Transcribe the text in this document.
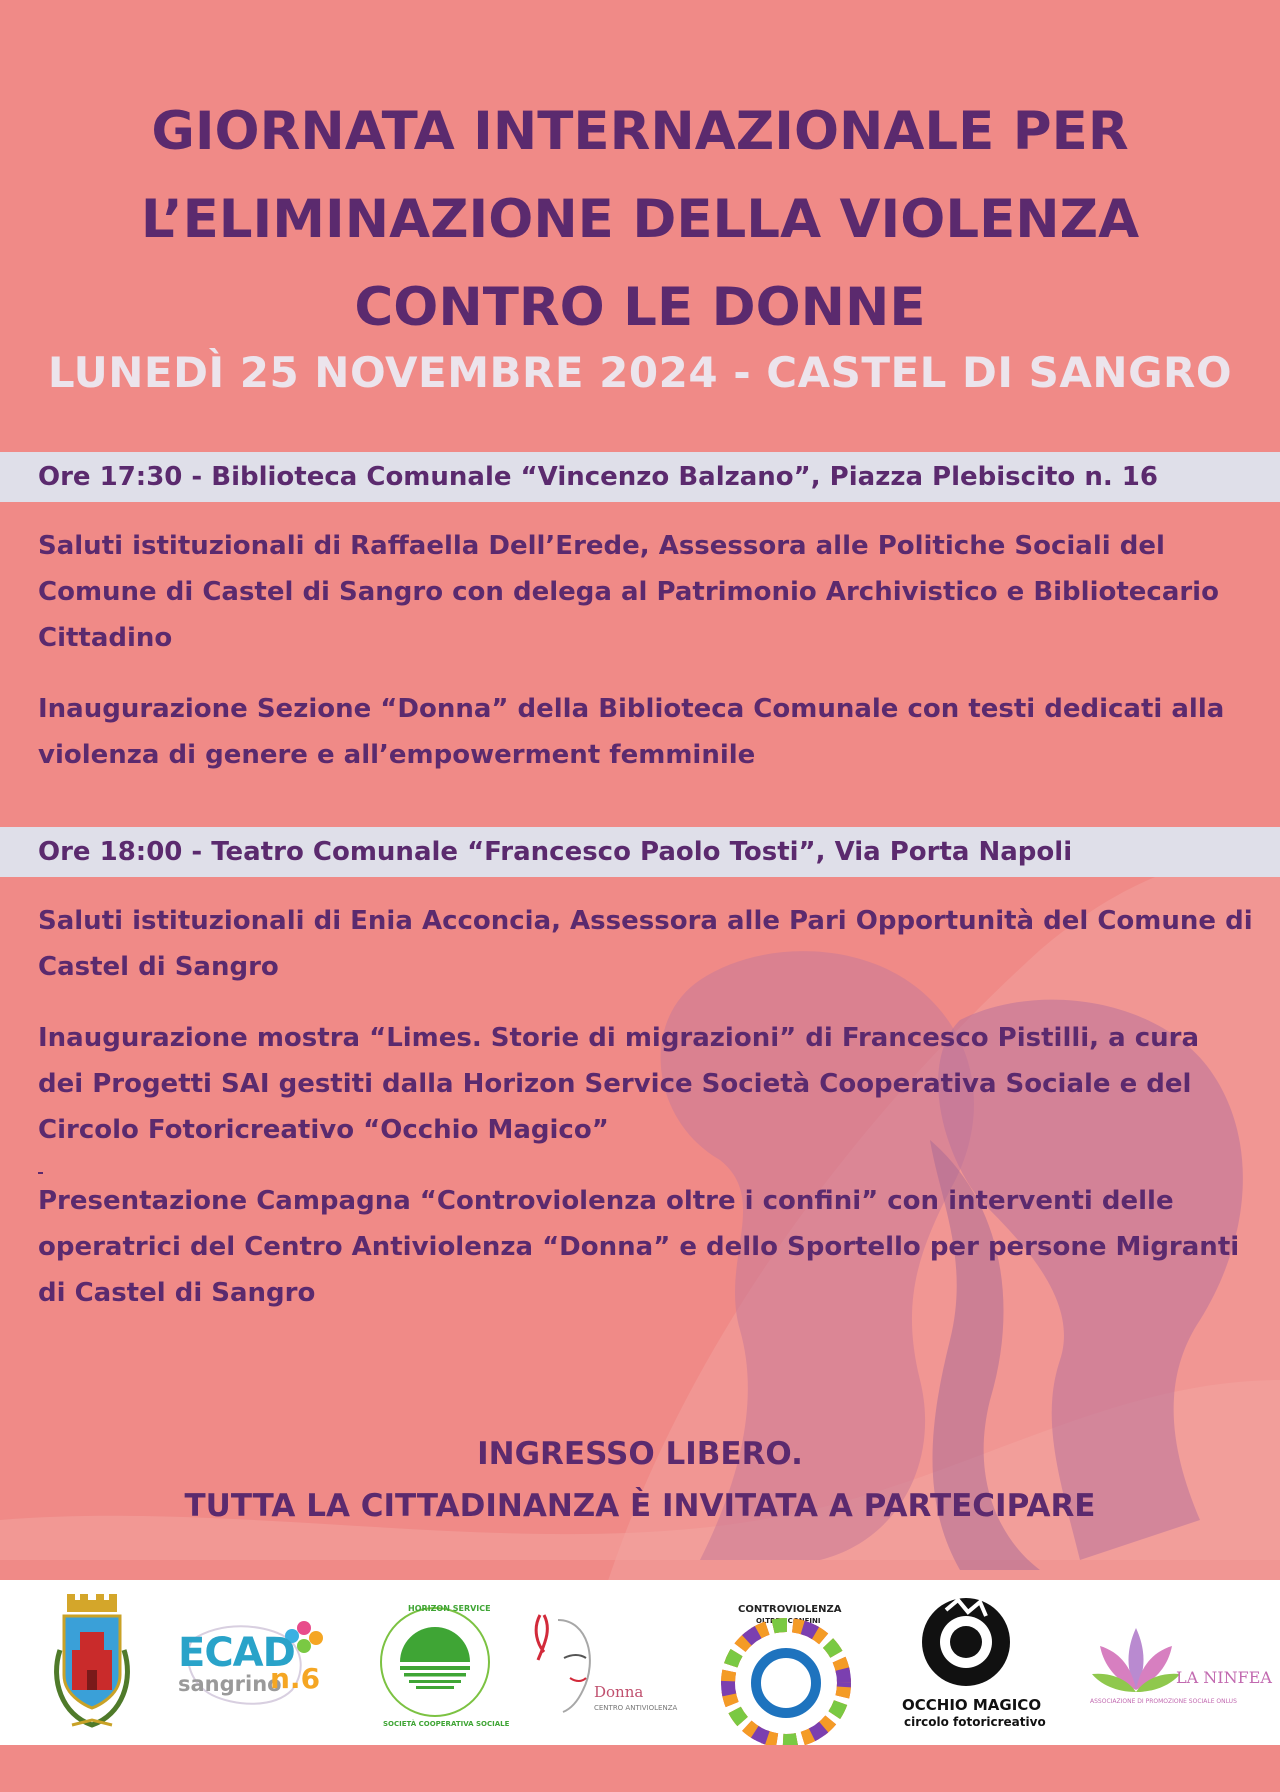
GIORNATA INTERNAZIONALE PER
L’ELIMINAZIONE DELLA VIOLENZA
CONTRO LE DONNE
LUNEDÌ 25 NOVEMBRE 2024 - CASTEL DI SANGRO
Ore 17:30 - Biblioteca Comunale “Vincenzo Balzano”, Piazza Plebiscito n. 16
Saluti istituzionali di Raffaella Dell’Erede, Assessora alle Politiche Sociali del Comune di Castel di Sangro con delega al Patrimonio Archivistico e Bibliotecario Cittadino
Inaugurazione Sezione “Donna” della Biblioteca Comunale con testi dedicati alla violenza di genere e all’empowerment femminile
Ore 18:00 - Teatro Comunale “Francesco Paolo Tosti”, Via Porta Napoli
Saluti istituzionali di Enia Acconcia, Assessora alle Pari Opportunità del Comune di Castel di Sangro
Inaugurazione mostra “Limes. Storie di migrazioni” di Francesco Pistilli, a cura dei Progetti SAI gestiti dalla Horizon Service Società Cooperativa Sociale e del Circolo Fotoricreativo “Occhio Magico”
Presentazione Campagna “Controviolenza oltre i confini” con interventi delle operatrici del Centro Antiviolenza “Donna” e dello Sportello per persone Migranti di Castel di Sangro
INGRESSO LIBERO.
TUTTA LA CITTADINANZA È INVITATA A PARTECIPARE
ECAD
sangrino
n.6
HORIZON SERVICE
SOCIETÀ COOPERATIVA SOCIALE
Donna
CENTRO ANTIVIOLENZA
CONTROVIOLENZA
OLTRE I CONFINI
OCCHIO MAGICO
circolo fotoricreativo
LA NINFEA
ASSOCIAZIONE DI PROMOZIONE SOCIALE ONLUS
